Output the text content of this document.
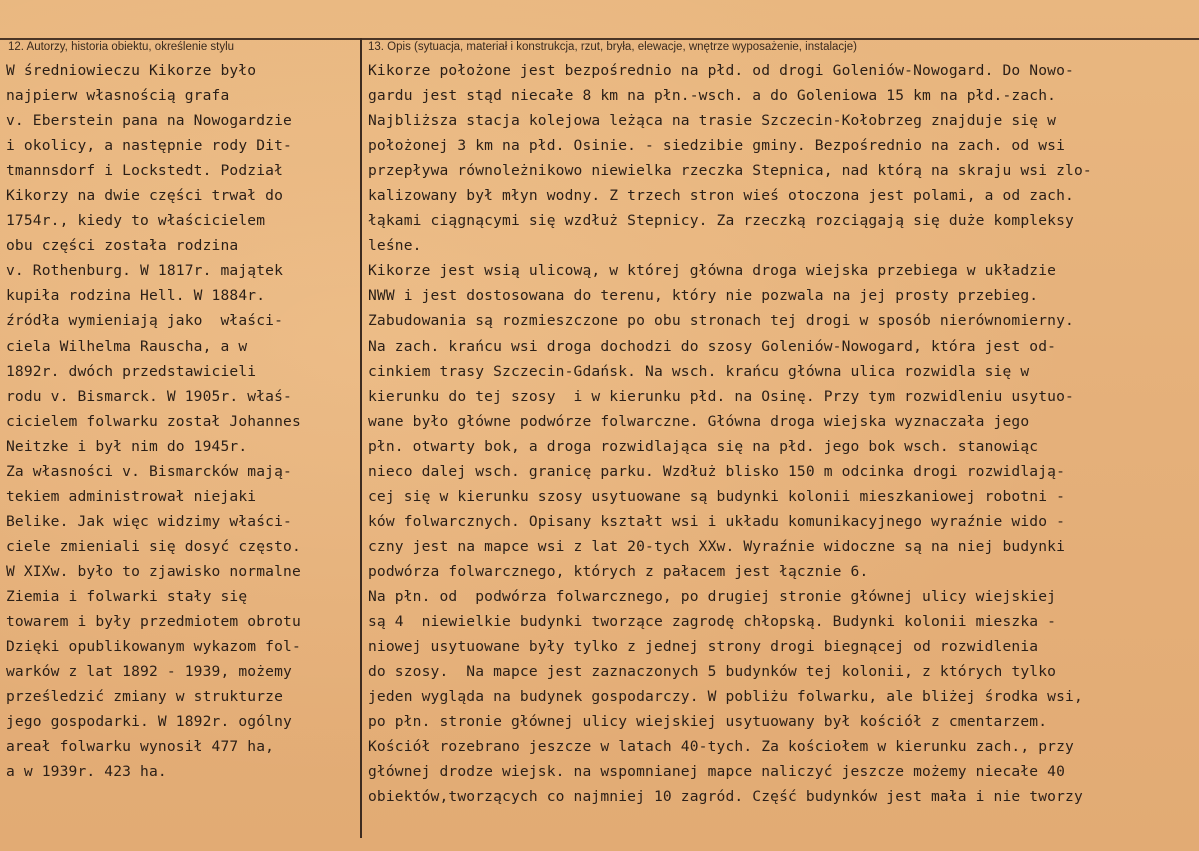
12. Autorzy, historia obiektu, określenie stylu	13. Opis (sytuacja, materiał i konstrukcja, rzut, bryła, elewacje, wnętrze wyposażenie, instalacje)
W średniowieczu Kikorze było
najpierw własnością grafa
v. Eberstein pana na Nowogardzie
i okolicy, a następnie rody Dit-
tmannsdorf i Lockstedt. Podział
Kikorzy na dwie części trwał do
1754r., kiedy to właścicielem
obu części została rodzina
v. Rothenburg. W 1817r. majątek
kupiła rodzina Hell. W 1884r.
źródła wymieniają jako  właści-
ciela Wilhelma Rauscha, a w
1892r. dwóch przedstawicieli
rodu v. Bismarck. W 1905r. właś-
cicielem folwarku został Johannes
Neitzke i był nim do 1945r.
Za własności v. Bismarcków mają-
tekiem administrował niejaki
Belike. Jak więc widzimy właści-
ciele zmieniali się dosyć często.
W XIXw. było to zjawisko normalne
Ziemia i folwarki stały się
towarem i były przedmiotem obrotu
Dzięki opublikowanym wykazom fol-
warków z lat 1892 - 1939, możemy
prześledzić zmiany w strukturze
jego gospodarki. W 1892r. ogólny
areał folwarku wynosił 477 ha,
a w 1939r. 423 ha.
Kikorze położone jest bezpośrednio na płd. od drogi Goleniów-Nowogard. Do Nowo-
gardu jest stąd niecałe 8 km na płn.-wsch. a do Goleniowa 15 km na płd.-zach.
Najbliższa stacja kolejowa leżąca na trasie Szczecin-Kołobrzeg znajduje się w
położonej 3 km na płd. Osinie. - siedzibie gminy. Bezpośrednio na zach. od wsi
przepływa równoleżnikowo niewielka rzeczka Stepnica, nad którą na skraju wsi zlo-
kalizowany był młyn wodny. Z trzech stron wieś otoczona jest polami, a od zach.
łąkami ciągnącymi się wzdłuż Stepnicy. Za rzeczką rozciągają się duże kompleksy
leśne.
Kikorze jest wsią ulicową, w której główna droga wiejska przebiega w układzie
NWW i jest dostosowana do terenu, który nie pozwala na jej prosty przebieg.
Zabudowania są rozmieszczone po obu stronach tej drogi w sposób nierównomierny.
Na zach. krańcu wsi droga dochodzi do szosy Goleniów-Nowogard, która jest od-
cinkiem trasy Szczecin-Gdańsk. Na wsch. krańcu główna ulica rozwidla się w
kierunku do tej szosy  i w kierunku płd. na Osinę. Przy tym rozwidleniu usytuo-
wane było główne podwórze folwarczne. Główna droga wiejska wyznaczała jego
płn. otwarty bok, a droga rozwidlająca się na płd. jego bok wsch. stanowiąc
nieco dalej wsch. granicę parku. Wzdłuż blisko 150 m odcinka drogi rozwidlają-
cej się w kierunku szosy usytuowane są budynki kolonii mieszkaniowej robotni -
ków folwarcznych. Opisany kształt wsi i układu komunikacyjnego wyraźnie wido -
czny jest na mapce wsi z lat 20-tych XXw. Wyraźnie widoczne są na niej budynki
podwórza folwarcznego, których z pałacem jest łącznie 6.
Na płn. od  podwórza folwarcznego, po drugiej stronie głównej ulicy wiejskiej
są 4  niewielkie budynki tworzące zagrodę chłopską. Budynki kolonii mieszka -
niowej usytuowane były tylko z jednej strony drogi biegnącej od rozwidlenia
do szosy.  Na mapce jest zaznaczonych 5 budynków tej kolonii, z których tylko
jeden wygląda na budynek gospodarczy. W pobliżu folwarku, ale bliżej środka wsi,
po płn. stronie głównej ulicy wiejskiej usytuowany był kościół z cmentarzem.
Kościół rozebrano jeszcze w latach 40-tych. Za kościołem w kierunku zach., przy
głównej drodze wiejsk. na wspomnianej mapce naliczyć jeszcze możemy niecałe 40
obiektów,tworzących co najmniej 10 zagród. Część budynków jest mała i nie tworzy
